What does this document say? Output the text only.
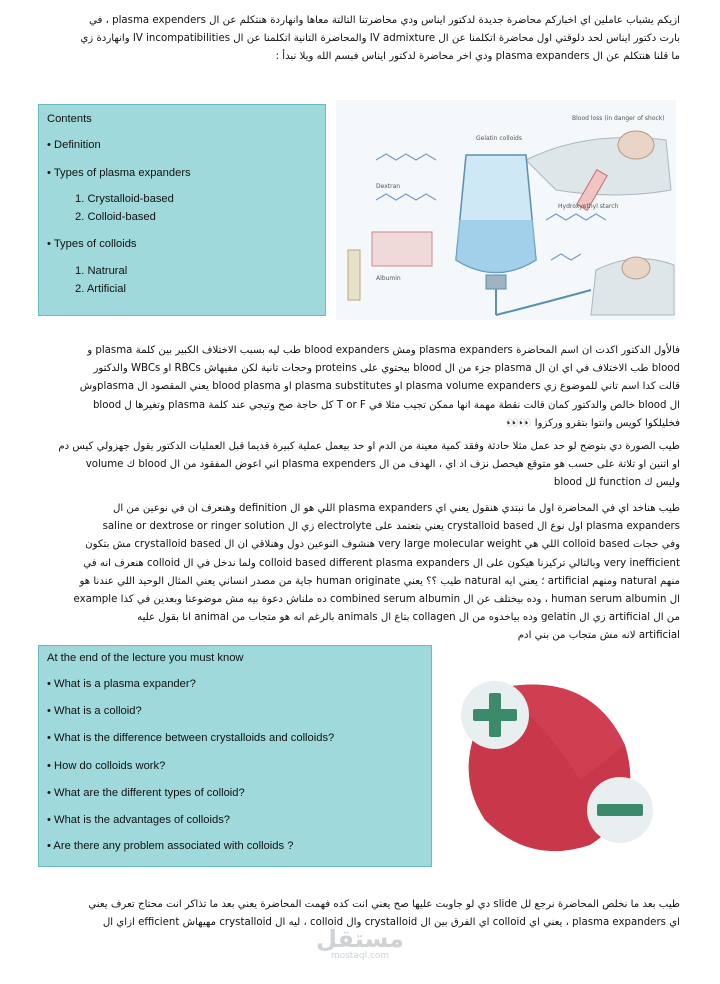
ازيكم يشباب عاملين اي اخباركم محاضرة جديدة لدكتور ايناس ودي محاضرتنا التالتة معاها وانهاردة هنتكلم عن ال plasma expenders ، في

بارت دكتور ايناس لحد دلوقتي اول محاضرة اتكلمنا عن ال IV admixture والمحاضرة التانية اتكلمنا عن ال IV incompatibilities وانهاردة زي

ما قلنا هنتكلم عن ال plasma expanders ودي اخر محاضرة لدكتور ايناس فبسم الله ويلا نبدأ :

Contents
• Definition
• Types of plasma expanders
1. Crystalloid-based
2. Colloid-based
• Types of colloids
1. Natrural
2. Artificial
Gelatin colloids
Dextran
Hydroxyethyl starch
Blood loss (in danger of shock)
Albumin

فالأول الدكتور اكدت ان اسم المحاضرة plasma expanders ومش blood expanders طب ليه بسبب الاختلاف الكبير بين كلمة plasma و

blood طب الاختلاف في اي ان ال plasma جزء من ال blood بيحتوي على proteins وحجات تانية لكن مفيهاش RBCs او WBCs والدكتور

قالت كدا اسم تاني للموضوع زي plasma volume expanders او plasma substitutes او blood plasma يعني المقصود ال plasmaوش

ال blood خالص والدكتور كمان قالت نقطة مهمة انها ممكن تجيب مثلا في T or F كل حاجة صح وتيجي عند كلمة plasma وتغيرها ل blood

فخليلكوا كويس وانتوا بتقرو وركزوا 👀👀

طيب الصورة دي بتوضح لو حد عمل مثلا حادثة وفقد كمية معينة من الدم او حد بيعمل عملية كبيرة قديما قبل العمليات الدكتور يقول جهزولي كيس دم

او اتنين او تلاتة على حسب هو متوقع هيحصل نزف اد اي ، الهدف من ال plasma expenders اني اعوض المفقود من ال blood ك volume

وليس ك function لل blood

طيب هناخد اي في المحاضرة اول ما نبتدي هنقول يعني اي plasma expanders اللي هو ال definition وهنعرف ان في نوعين من ال

plasma expanders اول نوع ال crystalloid based يعني بتعتمد على electrolyte زي ال saline or dextrose or ringer solution

وفي حجات colloid based اللي هي very large molecular weight هنشوف النوعين دول وهنلاقي ان ال crystalloid based مش بتكون

very inefficient وبالتالي تركيزنا هيكون على ال colloid based different plasma expanders ولما ندخل في ال colloid هنعرف انه في

منهم natural ومنهم artificial ؛ يعني ايه natural طيب ؟؟ يعني human originate جاية من مصدر انساني يعني المثال الوحيد اللي عندنا هو

ال human serum albumin ، وده بيختلف عن ال combined serum albumin ده ملناش دعوة بيه مش موضوعنا وبعدين في كذا example

من ال artificial زي ال gelatin وده بياخدوه من ال collagen بتاع ال animals بالرغم انه هو متجاب من animal انا بقول عليه

artificial لانه مش متجاب من بني ادم

At the end of the lecture you must know
• What is a plasma expander?
• What is a colloid?
• What is the difference between crystalloids and colloids?
• How do colloids work?
• What are the different types of colloid?
• What is the advantages of colloids?
• Are there any problem associated with colloids ?

طيب بعد ما نخلص المحاضرة نرجع لل slide دي لو جاوبت عليها صح يعني انت كده فهمت المحاضرة يعني بعد ما تذاكر انت محتاج تعرف يعني

اي plasma expanders ، يعني اي colloid اي الفرق بين ال crystalloid وال colloid ، ليه ال crystalloid مهيهاش efficient ازاي ال

مستقل
mostaql.com
